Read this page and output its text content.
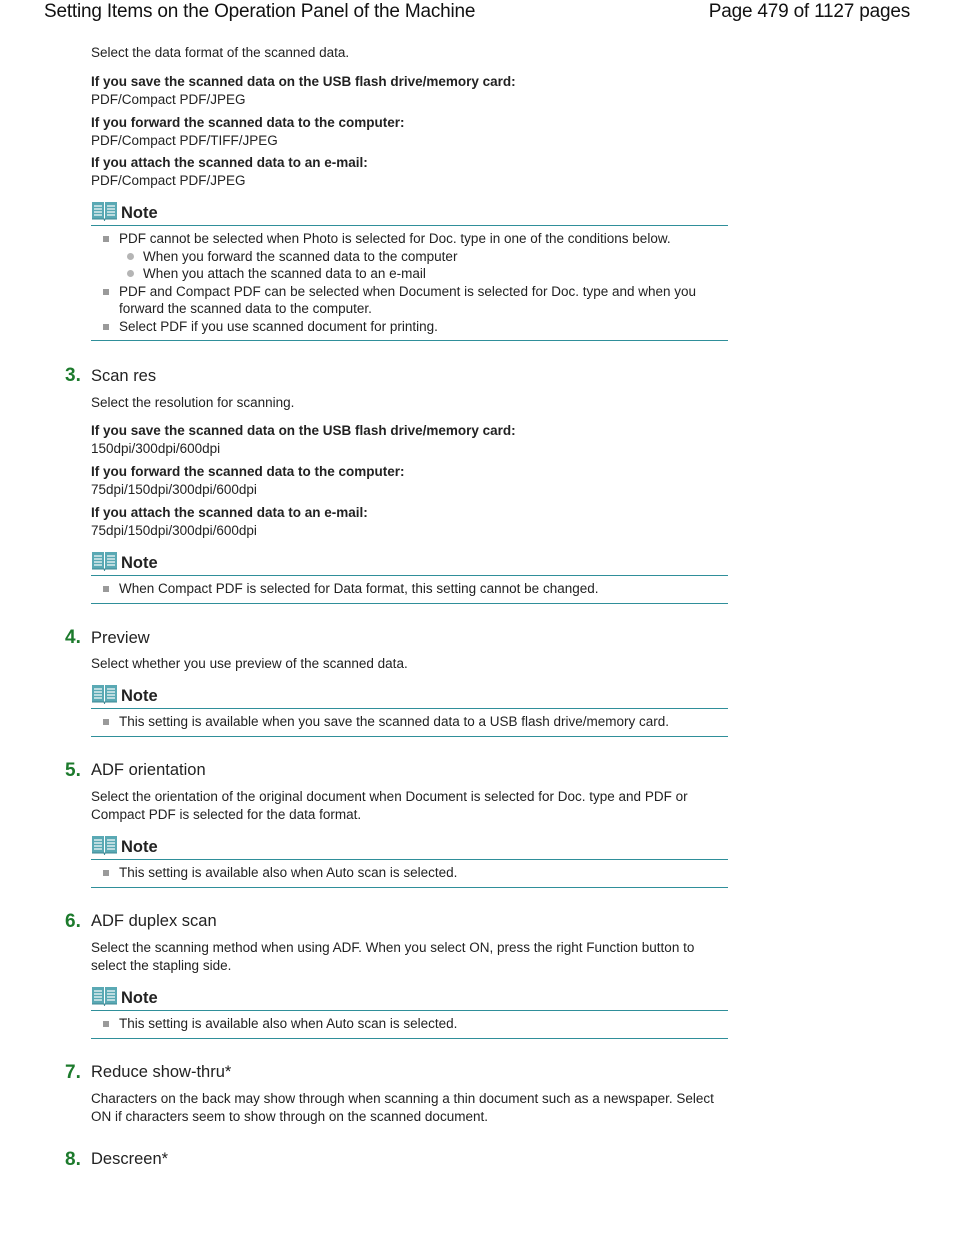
Setting Items on the Operation Panel of the Machine	Page 479 of 1127 pages
Select the data format of the scanned data.
If you save the scanned data on the USB flash drive/memory card:
PDF/Compact PDF/JPEG
If you forward the scanned data to the computer:
PDF/Compact PDF/TIFF/JPEG
If you attach the scanned data to an e-mail:
PDF/Compact PDF/JPEG
Note
PDF cannot be selected when Photo is selected for Doc. type in one of the conditions below.
When you forward the scanned data to the computer
When you attach the scanned data to an e-mail
PDF and Compact PDF can be selected when Document is selected for Doc. type and when you forward the scanned data to the computer.
Select PDF if you use scanned document for printing.
3. Scan res
Select the resolution for scanning.
If you save the scanned data on the USB flash drive/memory card:
150dpi/300dpi/600dpi
If you forward the scanned data to the computer:
75dpi/150dpi/300dpi/600dpi
If you attach the scanned data to an e-mail:
75dpi/150dpi/300dpi/600dpi
Note
When Compact PDF is selected for Data format, this setting cannot be changed.
4. Preview
Select whether you use preview of the scanned data.
Note
This setting is available when you save the scanned data to a USB flash drive/memory card.
5. ADF orientation
Select the orientation of the original document when Document is selected for Doc. type and PDF or Compact PDF is selected for the data format.
Note
This setting is available also when Auto scan is selected.
6. ADF duplex scan
Select the scanning method when using ADF. When you select ON, press the right Function button to select the stapling side.
Note
This setting is available also when Auto scan is selected.
7. Reduce show-thru*
Characters on the back may show through when scanning a thin document such as a newspaper. Select ON if characters seem to show through on the scanned document.
8. Descreen*
